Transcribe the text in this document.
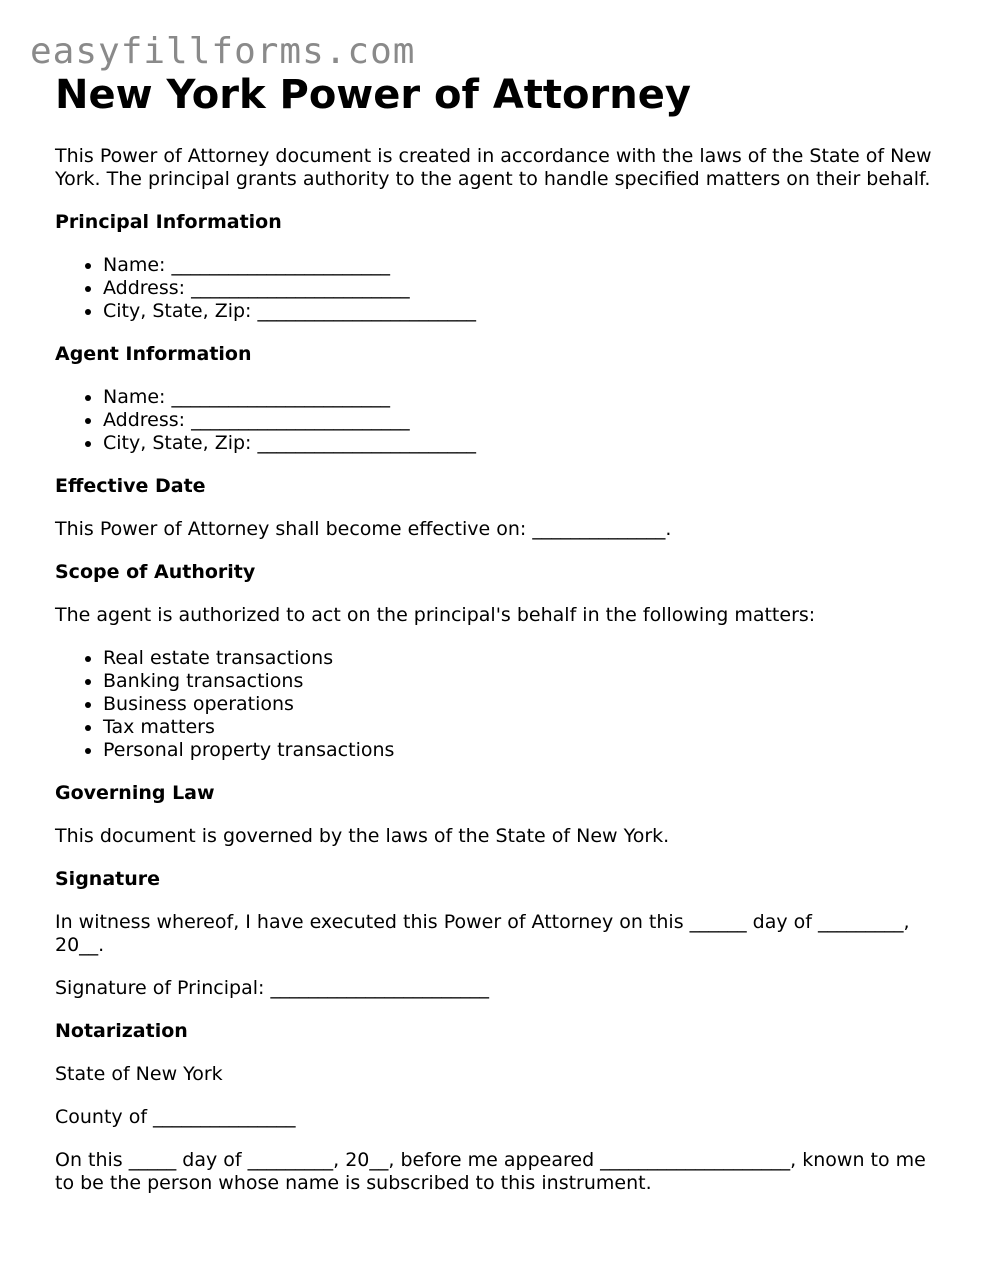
easyfillforms.com
New York Power of Attorney

This Power of Attorney document is created in accordance with the laws of the State of New York. The principal grants authority to the agent to handle specified matters on their behalf.

Principal Information
• Name: _______________________
• Address: _______________________
• City, State, Zip: _______________________
Agent Information
• Name: _______________________
• Address: _______________________
• City, State, Zip: _______________________
Effective Date

This Power of Attorney shall become effective on: ______________.

Scope of Authority

The agent is authorized to act on the principal's behalf in the following matters:

• Real estate transactions
• Banking transactions
• Business operations
• Tax matters
• Personal property transactions
Governing Law

This document is governed by the laws of the State of New York.

Signature

In witness whereof, I have executed this Power of Attorney on this ______ day of _________, 20__.

Signature of Principal: _______________________

Notarization

State of New York

County of _______________

On this _____ day of _________, 20__, before me appeared ____________________, known to me to be the person whose name is subscribed to this instrument.
